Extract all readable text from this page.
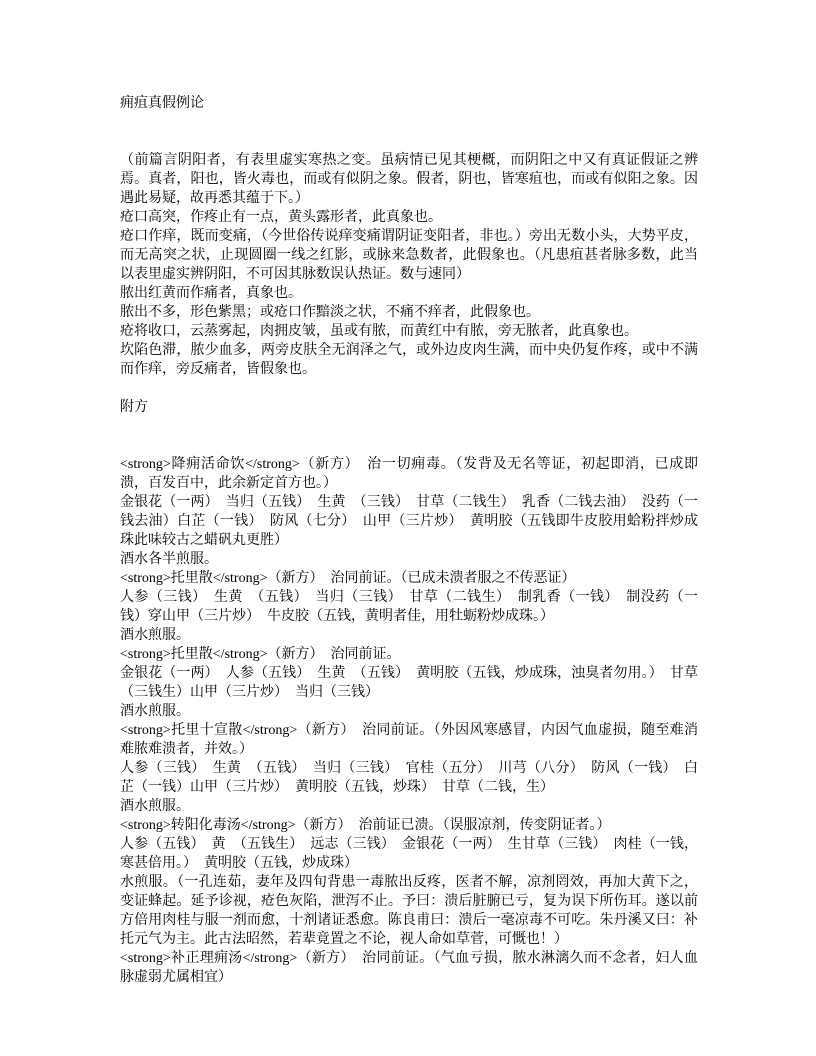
痈疽真假例论

（前篇言阴阳者，有表里虚实寒热之变。虽病情已见其梗概，而阴阳之中又有真证假证之辨焉。真者，阳也，皆火毒也，而或有似阴之象。假者，阴也，皆寒疽也，而或有似阳之象。因遇此易疑，故再悉其蕴于下。）

疮口高突，作疼止有一点，黄头露形者，此真象也。

疮口作痒，既而变痛，（今世俗传说痒变痛谓阴证变阳者，非也。）旁出无数小头，大势平皮，而无高突之状，止现圆圈一线之红影，或脉来急数者，此假象也。（凡患疽甚者脉多数，此当以表里虚实辨阴阳，不可因其脉数误认热证。数与速同）

脓出红黄而作痛者，真象也。

脓出不多，形色紫黑；或疮口作黯淡之状，不痛不痒者，此假象也。

疮将收口，云蒸雾起，肉拥皮皱，虽或有脓，而黄红中有脓，旁无脓者，此真象也。

坎陷色滞，脓少血多，两旁皮肤全无润泽之气，或外边皮肉生满，而中央仍复作疼，或中不满而作痒，旁反痛者，皆假象也。

附方

<strong>降痈活命饮</strong>（新方）　治一切痈毒。（发背及无名等证，初起即消，已成即溃，百发百中，此余新定首方也。）

金银花（一两）　当归（五钱）　生黄　（三钱）　甘草（二钱生）　乳香（二钱去油）　没药（一钱去油）白芷（一钱）　防风（七分）　山甲（三片炒）　黄明胶（五钱即牛皮胶用蛤粉拌炒成珠此味较古之蜡矾丸更胜）

酒水各半煎服。

<strong>托里散</strong>（新方）　治同前证。（已成未溃者服之不传恶证）

人参（三钱）　生黄　（五钱）　当归（三钱）　甘草（二钱生）　制乳香（一钱）　制没药（一钱）穿山甲（三片炒）　牛皮胶（五钱，黄明者佳，用牡蛎粉炒成珠。）

酒水煎服。

<strong>托里散</strong>（新方）　治同前证。

金银花（一两）　人参（五钱）　生黄　（五钱）　黄明胶（五钱，炒成珠，浊臭者勿用。）　甘草（三钱生）山甲（三片炒）　当归（三钱）

酒水煎服。

<strong>托里十宣散</strong>（新方）　治同前证。（外因风寒感冒，内因气血虚损，随至难消难脓难溃者，并效。）

人参（三钱）　生黄　（五钱）　当归（三钱）　官桂（五分）　川芎（八分）　防风（一钱）　白芷（一钱）山甲（三片炒）　黄明胶（五钱，炒珠）　甘草（二钱，生）

酒水煎服。

<strong>转阳化毒汤</strong>（新方）　治前证已溃。（误服凉剂，传变阴证者。）

人参（五钱）　黄　（五钱生）　远志（三钱）　金银花（一两）　生甘草（三钱）　肉桂（一钱，寒甚倍用。）　黄明胶（五钱，炒成珠）

水煎服。（一孔连茹，妻年及四旬背患一毒脓出反疼，医者不解，凉剂罔效，再加大黄下之，变证蜂起。延予诊视，疮色灰陷，泄泻不止。予曰：溃后脏腑已亏，复为误下所伤耳。遂以前方倍用肉桂与服一剂而愈，十剂诸证悉愈。陈良甫曰：溃后一毫凉毒不可吃。朱丹溪又曰：补托元气为主。此古法昭然，若辈竟置之不论，视人命如草菅，可慨也！）

<strong>补正理痈汤</strong>（新方）　治同前证。（气血亏损，脓水淋漓久而不念者，妇人血脉虚弱尤属相宜）
